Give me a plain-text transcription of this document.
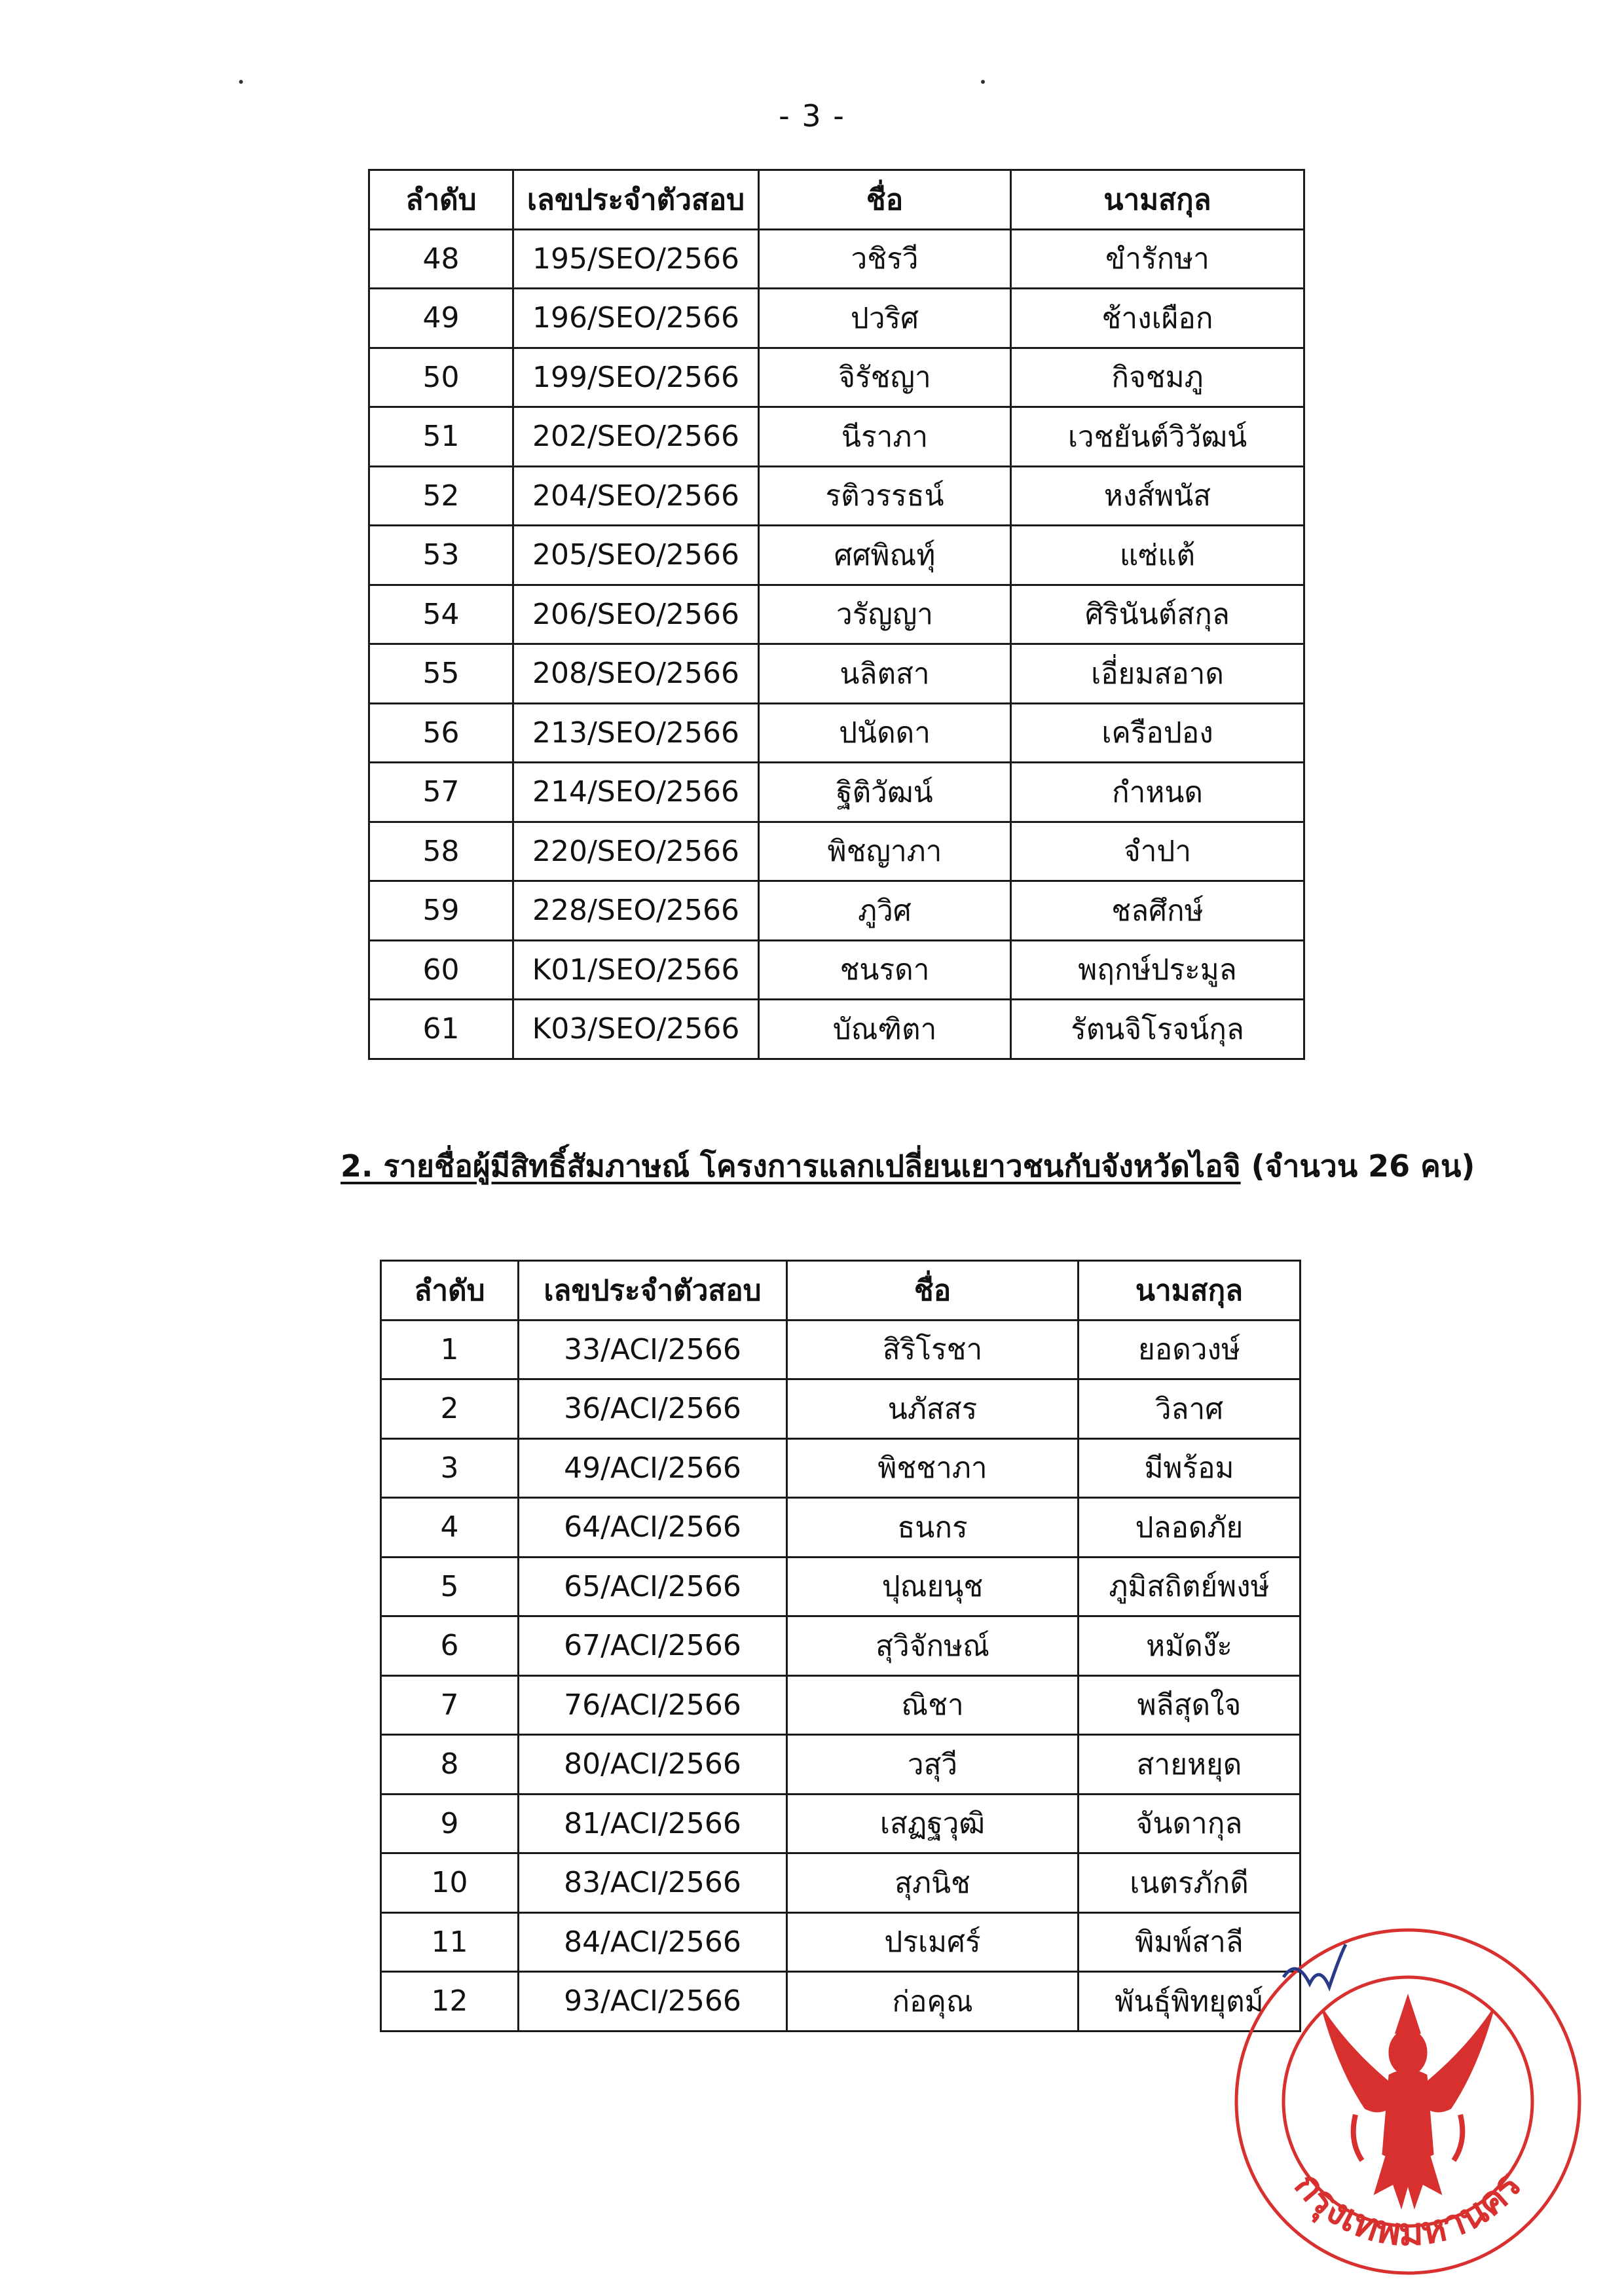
- 3 -
ลำดับ	เลขประจำตัวสอบ	ชื่อ	นามสกุล
48	195/SEO/2566	วชิรวี	ขำรักษา
49	196/SEO/2566	ปวริศ	ช้างเผือก
50	199/SEO/2566	จิรัชญา	กิจชมภู
51	202/SEO/2566	นีราภา	เวชยันต์วิวัฒน์
52	204/SEO/2566	รติวรรธน์	หงส์พนัส
53	205/SEO/2566	ศศพิณท์ุ	แซ่แต้
54	206/SEO/2566	วรัญญา	ศิรินันต์สกุล
55	208/SEO/2566	นลิตสา	เอี่ยมสอาด
56	213/SEO/2566	ปนัดดา	เครือปอง
57	214/SEO/2566	ฐิติวัฒน์	กำหนด
58	220/SEO/2566	พิชญาภา	จำปา
59	228/SEO/2566	ภูวิศ	ชลศึกษ์
60	K01/SEO/2566	ชนรดา	พฤกษ์ประมูล
61	K03/SEO/2566	บัณฑิตา	รัตนจิโรจน์กุล
2. รายชื่อผู้มีสิทธิ์สัมภาษณ์ โครงการแลกเปลี่ยนเยาวชนกับจังหวัดไอจิ (จำนวน 26 คน)
ลำดับ	เลขประจำตัวสอบ	ชื่อ	นามสกุล
1	33/ACI/2566	สิริโรชา	ยอดวงษ์
2	36/ACI/2566	นภัสสร	วิลาศ
3	49/ACI/2566	พิชชาภา	มีพร้อม
4	64/ACI/2566	ธนกร	ปลอดภัย
5	65/ACI/2566	ปุณยนุช	ภูมิสถิตย์พงษ์
6	67/ACI/2566	สุวิจักษณ์	หมัดง๊ะ
7	76/ACI/2566	ณิชา	พลีสุดใจ
8	80/ACI/2566	วสุวี	สายหยุด
9	81/ACI/2566	เสฏฐวุฒิ	จันดากุล
10	83/ACI/2566	สุภนิช	เนตรภักดี
11	84/ACI/2566	ปรเมศร์	พิมพ์สาลี
12	93/ACI/2566	ก่อคุณ	พันธุ์พิทยุตม์
กรุงเทพมหานคร
